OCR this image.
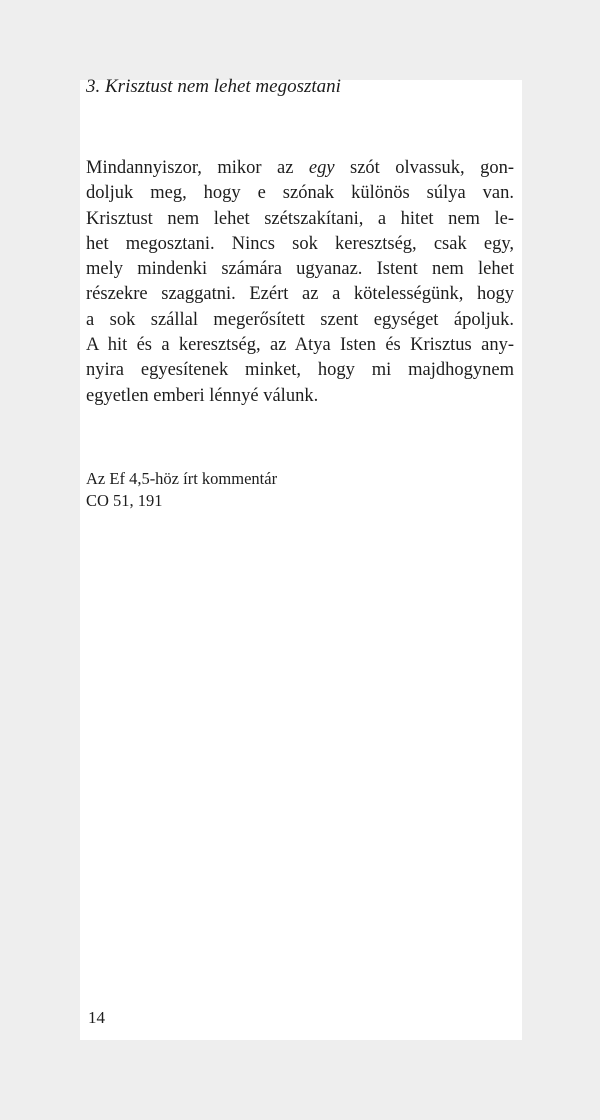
3. Krisztust nem lehet megosztani
Mindannyiszor, mikor az egy szót olvassuk, gon-
doljuk meg, hogy e szónak különös súlya van.
Krisztust nem lehet szétszakítani, a hitet nem le-
het megosztani. Nincs sok keresztség, csak egy,
mely mindenki számára ugyanaz. Istent nem lehet
részekre szaggatni. Ezért az a kötelességünk, hogy
a sok szállal megerősített szent egységet ápoljuk.
A hit és a keresztség, az Atya Isten és Krisztus any-
nyira egyesítenek minket, hogy mi majdhogynem
egyetlen emberi lénnyé válunk.
Az Ef 4,5-höz írt kommentár
CO 51, 191
14
